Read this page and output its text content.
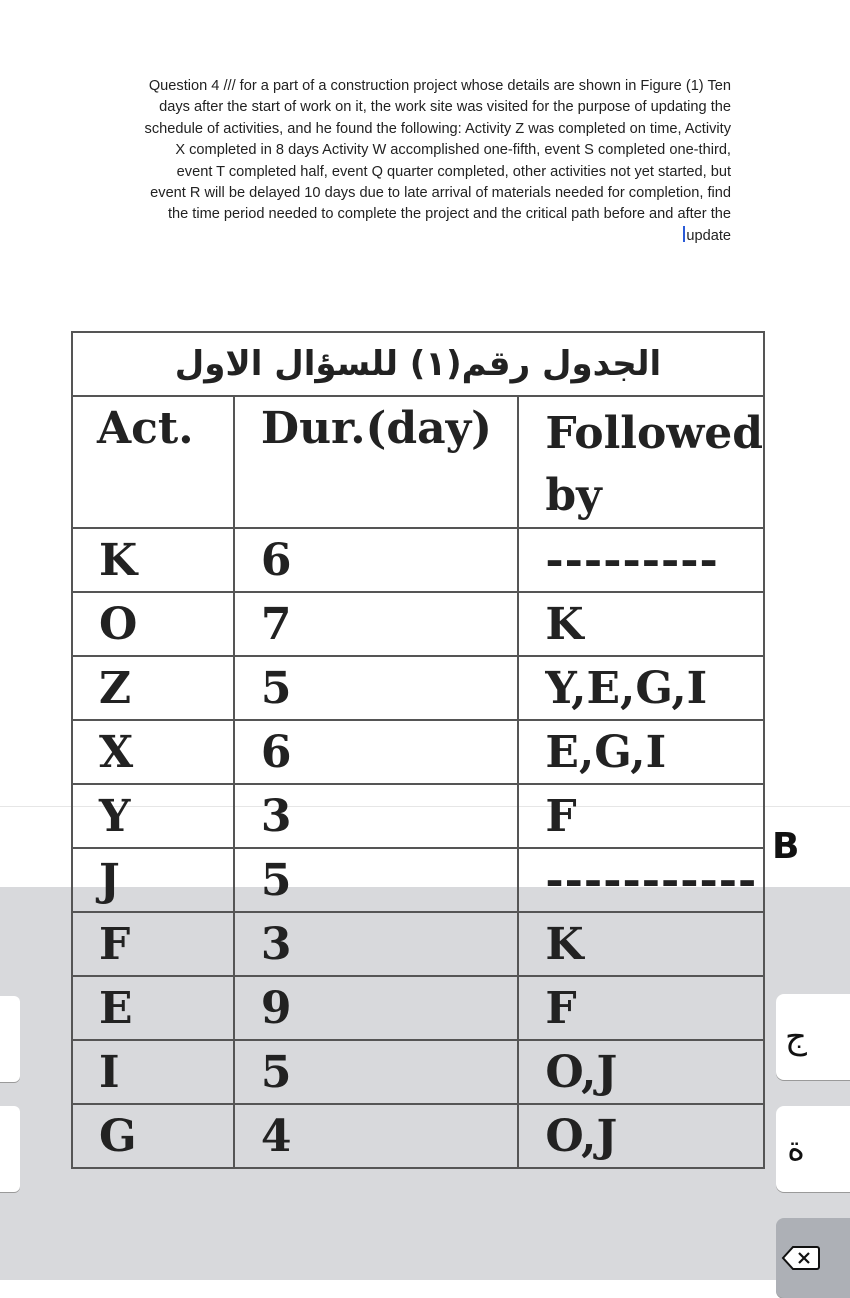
B
ج
ة
Question 4 /// for a part of a construction project whose details are shown in Figure (1) Ten
days after the start of work on it, the work site was visited for the purpose of updating the
schedule of activities, and he found the following: Activity Z was completed on time, Activity
X completed in 8 days Activity W accomplished one-fifth, event S completed one-third,
event T completed half, event Q quarter completed, other activities not yet started, but
event R will be delayed 10 days due to late arrival of materials needed for completion, find
the time period needed to complete the project and the critical path before and after the
update
الجدول رقم(١) للسؤال الاول		
Act.	Dur.(day)	Followed
by
K	6	---------
O	7	K
Z	5	Y,E,G,I
X	6	E,G,I
Y	3	F
J	5	-----------
F	3	K
E	9	F
I	5	O,J
G	4	O,J
